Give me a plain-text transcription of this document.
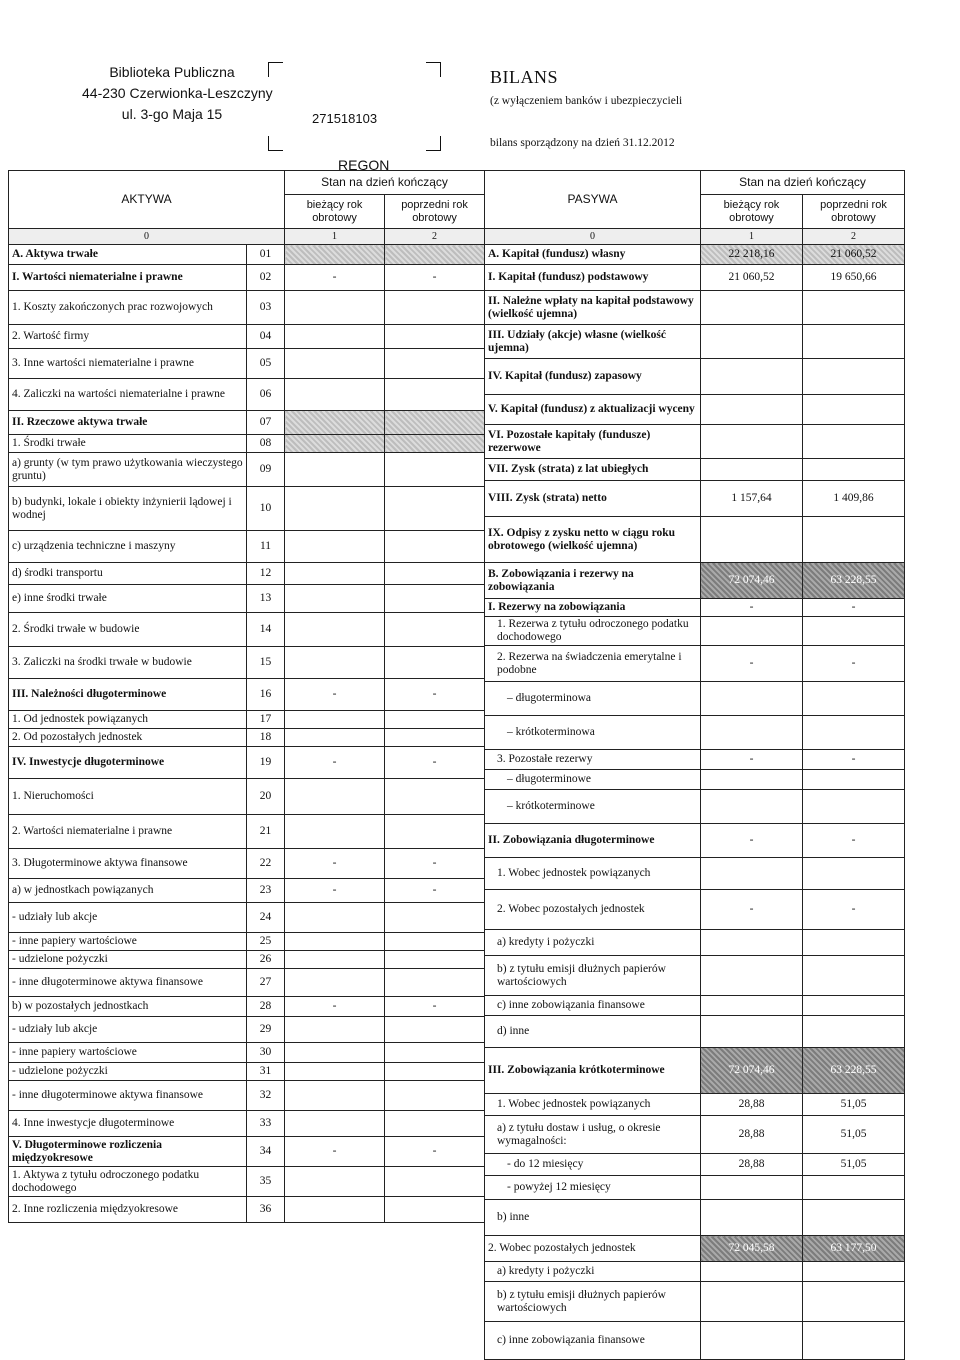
Biblioteka Publiczna
44-230 Czerwionka-Leszczyny
ul. 3-go Maja 15	271518103
REGON
BILANS
(z wyłączeniem banków i ubezpieczycieli
bilans sporządzony na dzień 31.12.2012
AKTYWA		Stan na dzień kończący	
		bieżący rok obrotowy	poprzedni rok obrotowy
0		1	2
A. Aktywa trwałe	01		
I. Wartości niematerialne i prawne	02	-	-
1. Koszty zakończonych prac rozwojowych	03		
2. Wartość firmy	04		
3. Inne wartości niematerialne i prawne	05		
4. Zaliczki na wartości niematerialne i prawne	06		
II. Rzeczowe aktywa trwałe	07		
1. Środki trwałe	08		
a) grunty (w tym prawo użytkowania wieczystego gruntu)	09		
b) budynki, lokale i obiekty inżynierii lądowej i wodnej	10		
c) urządzenia techniczne i maszyny	11		
d) środki transportu	12		
e) inne środki trwałe	13		
2. Środki trwałe w budowie	14		
3. Zaliczki na środki trwałe w budowie	15		
III. Należności długoterminowe	16	-	-
1. Od jednostek powiązanych	17		
2. Od pozostałych jednostek	18		
IV. Inwestycje długoterminowe	19	-	-
1. Nieruchomości	20		
2. Wartości niematerialne i prawne	21		
3. Długoterminowe aktywa finansowe	22	-	-
a) w jednostkach powiązanych	23	-	-
- udziały lub akcje	24		
- inne papiery wartościowe	25		
- udzielone pożyczki	26		
- inne długoterminowe aktywa finansowe	27		
b) w pozostałych jednostkach	28	-	-
- udziały lub akcje	29		
- inne papiery wartościowe	30		
- udzielone pożyczki	31		
- inne długoterminowe aktywa finansowe	32		
4. Inne inwestycje długoterminowe	33		
V. Długoterminowe rozliczenia międzyokresowe	34	-	-
1. Aktywa z tytułu odroczonego podatku dochodowego	35		
2. Inne rozliczenia międzyokresowe	36		
PASYWA	Stan na dzień kończący	
	bieżący rok obrotowy	poprzedni rok obrotowy
0	1	2
A. Kapitał (fundusz) własny	22 218,16	21 060,52
I. Kapitał (fundusz) podstawowy	21 060,52	19 650,66
II. Należne wpłaty na kapitał podstawowy (wielkość ujemna)		
III. Udziały (akcje) własne (wielkość ujemna)		
IV. Kapitał (fundusz) zapasowy		
V. Kapitał (fundusz) z aktualizacji wyceny		
VI. Pozostałe kapitały (fundusze) rezerwowe		
VII. Zysk (strata) z lat ubiegłych		
VIII. Zysk (strata) netto	1 157,64	1 409,86
IX. Odpisy z zysku netto w ciągu roku obrotowego (wielkość ujemna)		
B. Zobowiązania i rezerwy na zobowiązania	72 074,46	63 228,55
I. Rezerwy na zobowiązania	-	-
1. Rezerwa z tytułu odroczonego podatku dochodowego		
2. Rezerwa na świadczenia emerytalne i podobne	-	-
– długoterminowa		
– krótkoterminowa		
3. Pozostałe rezerwy	-	-
– długoterminowe		
– krótkoterminowe		
II. Zobowiązania długoterminowe	-	-
1. Wobec jednostek powiązanych		
2. Wobec pozostałych jednostek	-	-
a) kredyty i pożyczki		
b) z tytułu emisji dłużnych papierów wartościowych		
c) inne zobowiązania finansowe		
d) inne		
III. Zobowiązania krótkoterminowe	72 074,46	63 228,55
1. Wobec jednostek powiązanych	28,88	51,05
a) z tytułu dostaw i usług, o okresie wymagalności:	28,88	51,05
- do 12 miesięcy	28,88	51,05
- powyżej 12 miesięcy		
b) inne		
2. Wobec pozostałych jednostek	72 045,58	63 177,50
a) kredyty i pożyczki		
b) z tytułu emisji dłużnych papierów wartościowych		
c) inne zobowiązania finansowe		
